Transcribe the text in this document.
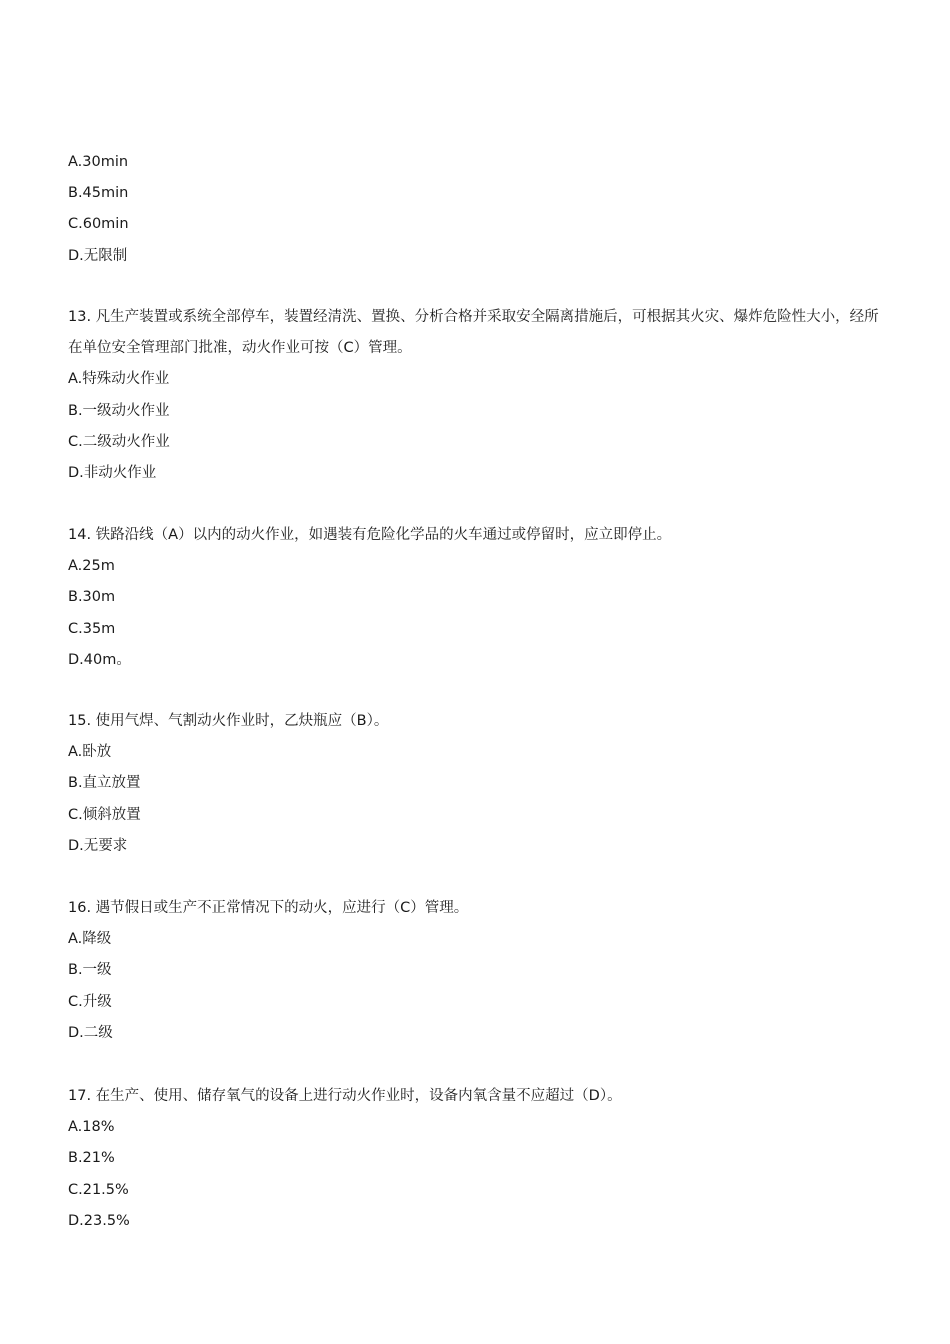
A.30min
B.45min
C.60min
D.无限制
13. 凡生产装置或系统全部停车，装置经清洗、置换、分析合格并采取安全隔离措施后，可根据其火灾、爆炸危险性大小，经所在单位安全管理部门批准，动火作业可按（C）管理。
A.特殊动火作业
B.一级动火作业
C.二级动火作业
D.非动火作业
14. 铁路沿线（A）以内的动火作业，如遇装有危险化学品的火车通过或停留时，应立即停止。
A.25m
B.30m
C.35m
D.40m。
15. 使用气焊、气割动火作业时，乙炔瓶应（B）。
A.卧放
B.直立放置
C.倾斜放置
D.无要求
16. 遇节假日或生产不正常情况下的动火，应进行（C）管理。
A.降级
B.一级
C.升级
D.二级
17. 在生产、使用、储存氧气的设备上进行动火作业时，设备内氧含量不应超过（D）。
A.18%
B.21%
C.21.5%
D.23.5%
